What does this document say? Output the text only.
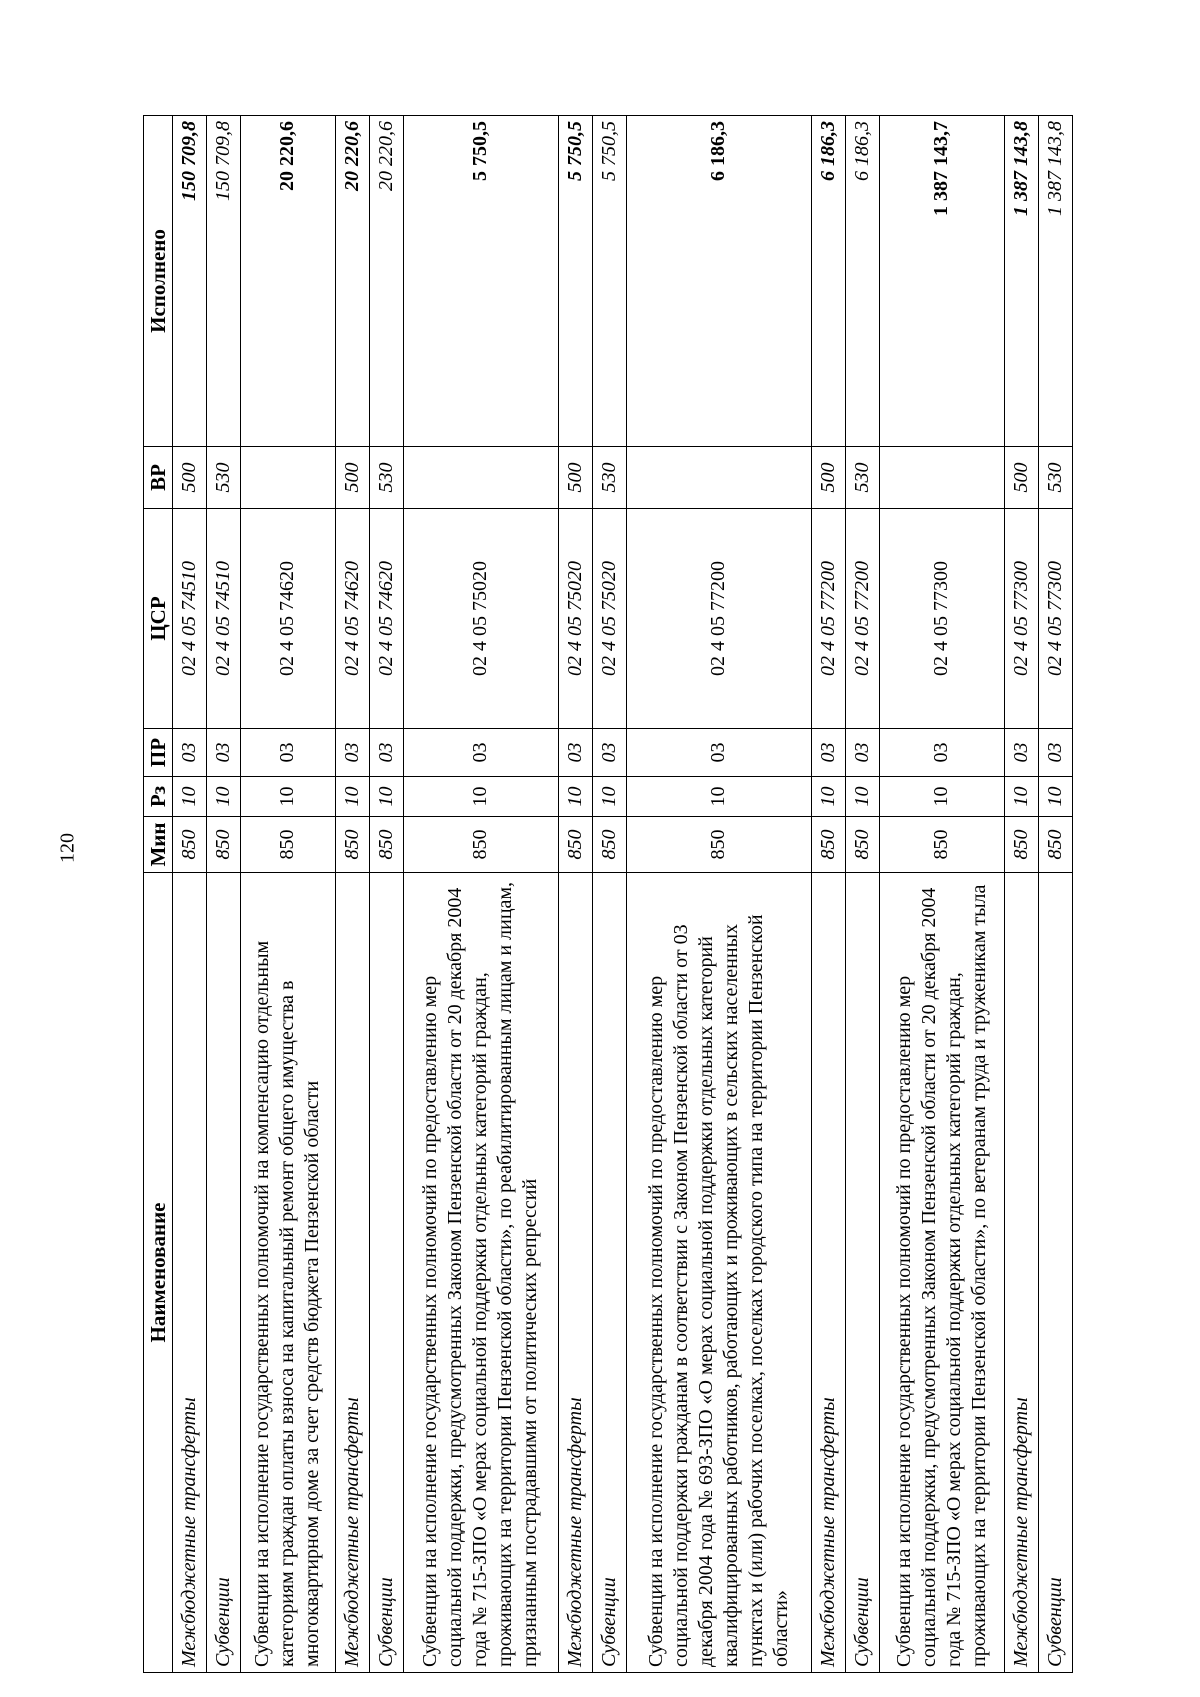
120
Наименование	Мин	Рз	ПР	ЦСР	ВР	Исполнено
Межбюджетные трансферты	850	10	03	02 4 05 74510	500	150 709,8
Субвенции	850	10	03	02 4 05 74510	530	150 709,8
Субвенции на исполнение государственных полномочий на компенсацию отдельным категориям граждан оплаты взноса на капитальный ремонт общего имущества в многоквартирном доме за счет средств бюджета Пензенской области	850	10	03	02 4 05 74620		20 220,6
Межбюджетные трансферты	850	10	03	02 4 05 74620	500	20 220,6
Субвенции	850	10	03	02 4 05 74620	530	20 220,6
Субвенции на исполнение государственных полномочий по предоставлению мер социальной поддержки, предусмотренных Законом Пензенской области от 20 декабря 2004 года № 715-ЗПО «О мерах социальной поддержки отдельных категорий граждан, проживающих на территории Пензенской области», по реабилитированным лицам и лицам, признанным пострадавшими от политических репрессий	850	10	03	02 4 05 75020		5 750,5
Межбюджетные трансферты	850	10	03	02 4 05 75020	500	5 750,5
Субвенции	850	10	03	02 4 05 75020	530	5 750,5
Субвенции на исполнение государственных полномочий по предоставлению мер социальной поддержки гражданам в соответствии с Законом Пензенской области от 03 декабря 2004 года № 693-ЗПО «О мерах социальной поддержки отдельных категорий квалифицированных работников, работающих и проживающих в сельских населенных пунктах и (или) рабочих поселках, поселках городского типа на территории Пензенской области»	850	10	03	02 4 05 77200		6 186,3
Межбюджетные трансферты	850	10	03	02 4 05 77200	500	6 186,3
Субвенции	850	10	03	02 4 05 77200	530	6 186,3
Субвенции на исполнение государственных полномочий по предоставлению мер социальной поддержки, предусмотренных Законом Пензенской области от 20 декабря 2004 года № 715-ЗПО «О мерах социальной поддержки отдельных категорий граждан, проживающих на территории Пензенской области», по ветеранам труда и труженикам тыла	850	10	03	02 4 05 77300		1 387 143,7
Межбюджетные трансферты	850	10	03	02 4 05 77300	500	1 387 143,8
Субвенции	850	10	03	02 4 05 77300	530	1 387 143,8
